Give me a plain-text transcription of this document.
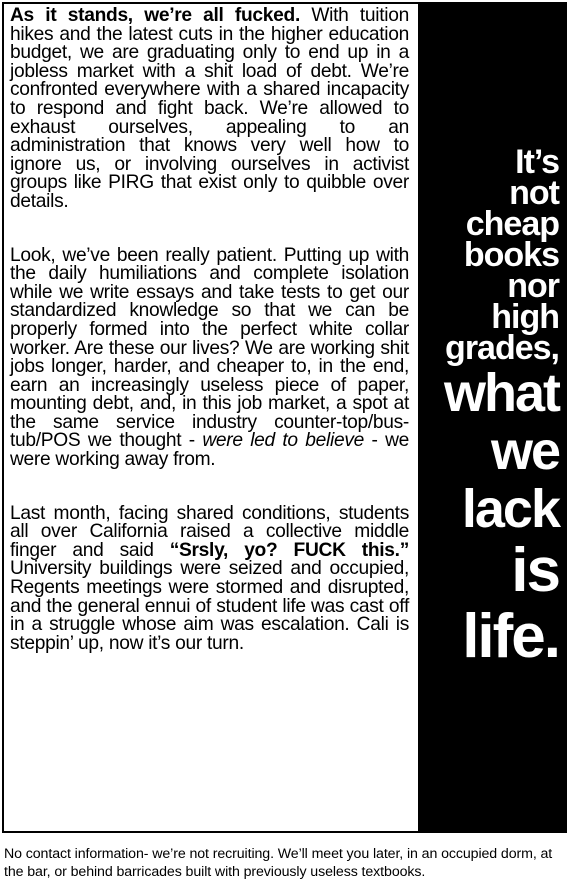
As it stands, we’re all fucked. With tuition hikes and the latest cuts in the higher education budget, we are graduating only to end up in a jobless market with a shit load of debt. We’re confronted everywhere with a shared incapacity to respond and fight back. We’re allowed to exhaust ourselves, appealing to an administration that knows very well how to ignore us, or involving ourselves in activist groups like PIRG that exist only to quibble over details.

Look, we’ve been really patient. Putting up with the daily humiliations and complete isolation while we write essays and take tests to get our standardized knowledge so that we can be properly formed into the perfect white collar worker. Are these our lives? We are working shit jobs longer, harder, and cheaper to, in the end, earn an increasingly useless piece of paper, mounting debt, and, in this job market, a spot at the same service industry counter-top/bus-tub/POS we thought - were led to believe - we were working away from.

Last month, facing shared conditions, students all over California raised a collective middle finger and said “Srsly, yo? FUCK this.” University buildings were seized and occupied, Regents meetings were stormed and disrupted, and the general ennui of student life was cast off in a struggle whose aim was escalation. Cali is steppin’ up, now it’s our turn.

It’s
not
cheap
books
nor
high
grades,
what
we
lack
is
life.
No contact information- we’re not recruiting. We’ll meet you later, in an occupied dorm, at the bar, or behind barricades built with previously useless textbooks.
